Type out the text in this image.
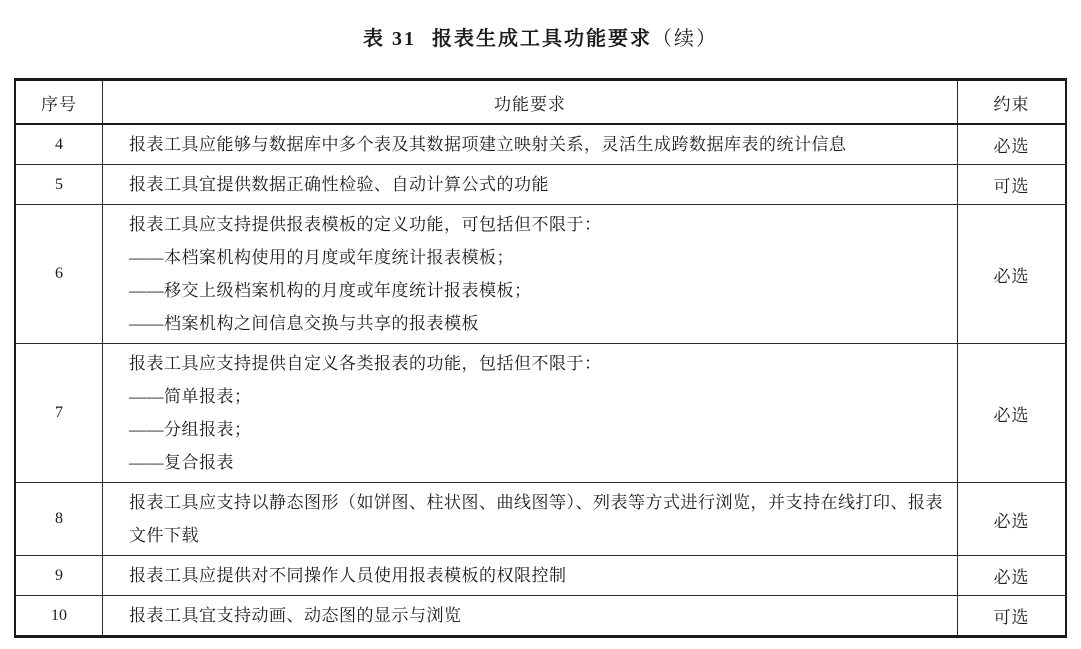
表 31 报表生成工具功能要求（续）
序号	功能要求	约束
4	报表工具应能够与数据库中多个表及其数据项建立映射关系，灵活生成跨数据库表的统计信息	必选
5	报表工具宜提供数据正确性检验、自动计算公式的功能	可选
6	报表工具应支持提供报表模板的定义功能，可包括但不限于：
——本档案机构使用的月度或年度统计报表模板；
——移交上级档案机构的月度或年度统计报表模板；
——档案机构之间信息交换与共享的报表模板	必选
7	报表工具应支持提供自定义各类报表的功能，包括但不限于：
——简单报表；
——分组报表；
——复合报表	必选
8	报表工具应支持以静态图形（如饼图、柱状图、曲线图等）、列表等方式进行浏览，并支持在线打印、报表文件下载	必选
9	报表工具应提供对不同操作人员使用报表模板的权限控制	必选
10	报表工具宜支持动画、动态图的显示与浏览	可选
